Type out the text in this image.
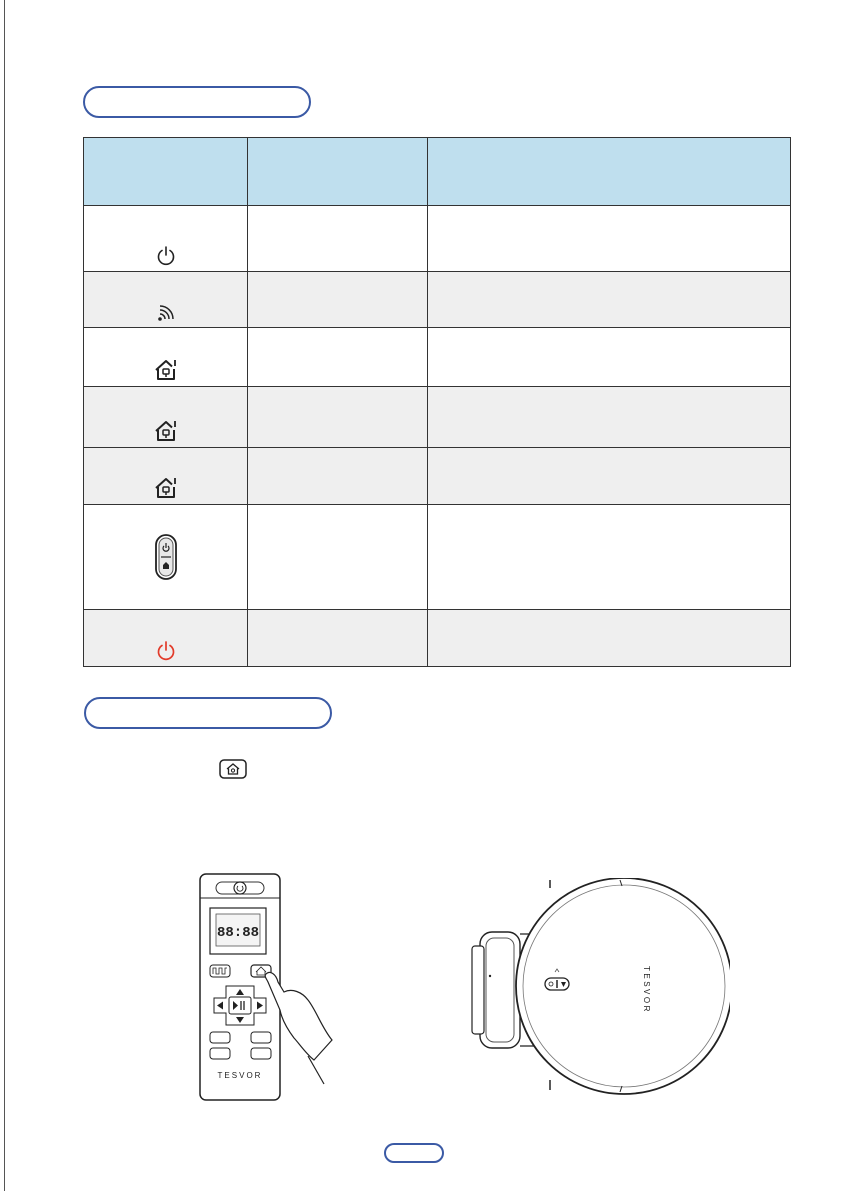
88:88
TESVOR
TESVOR
